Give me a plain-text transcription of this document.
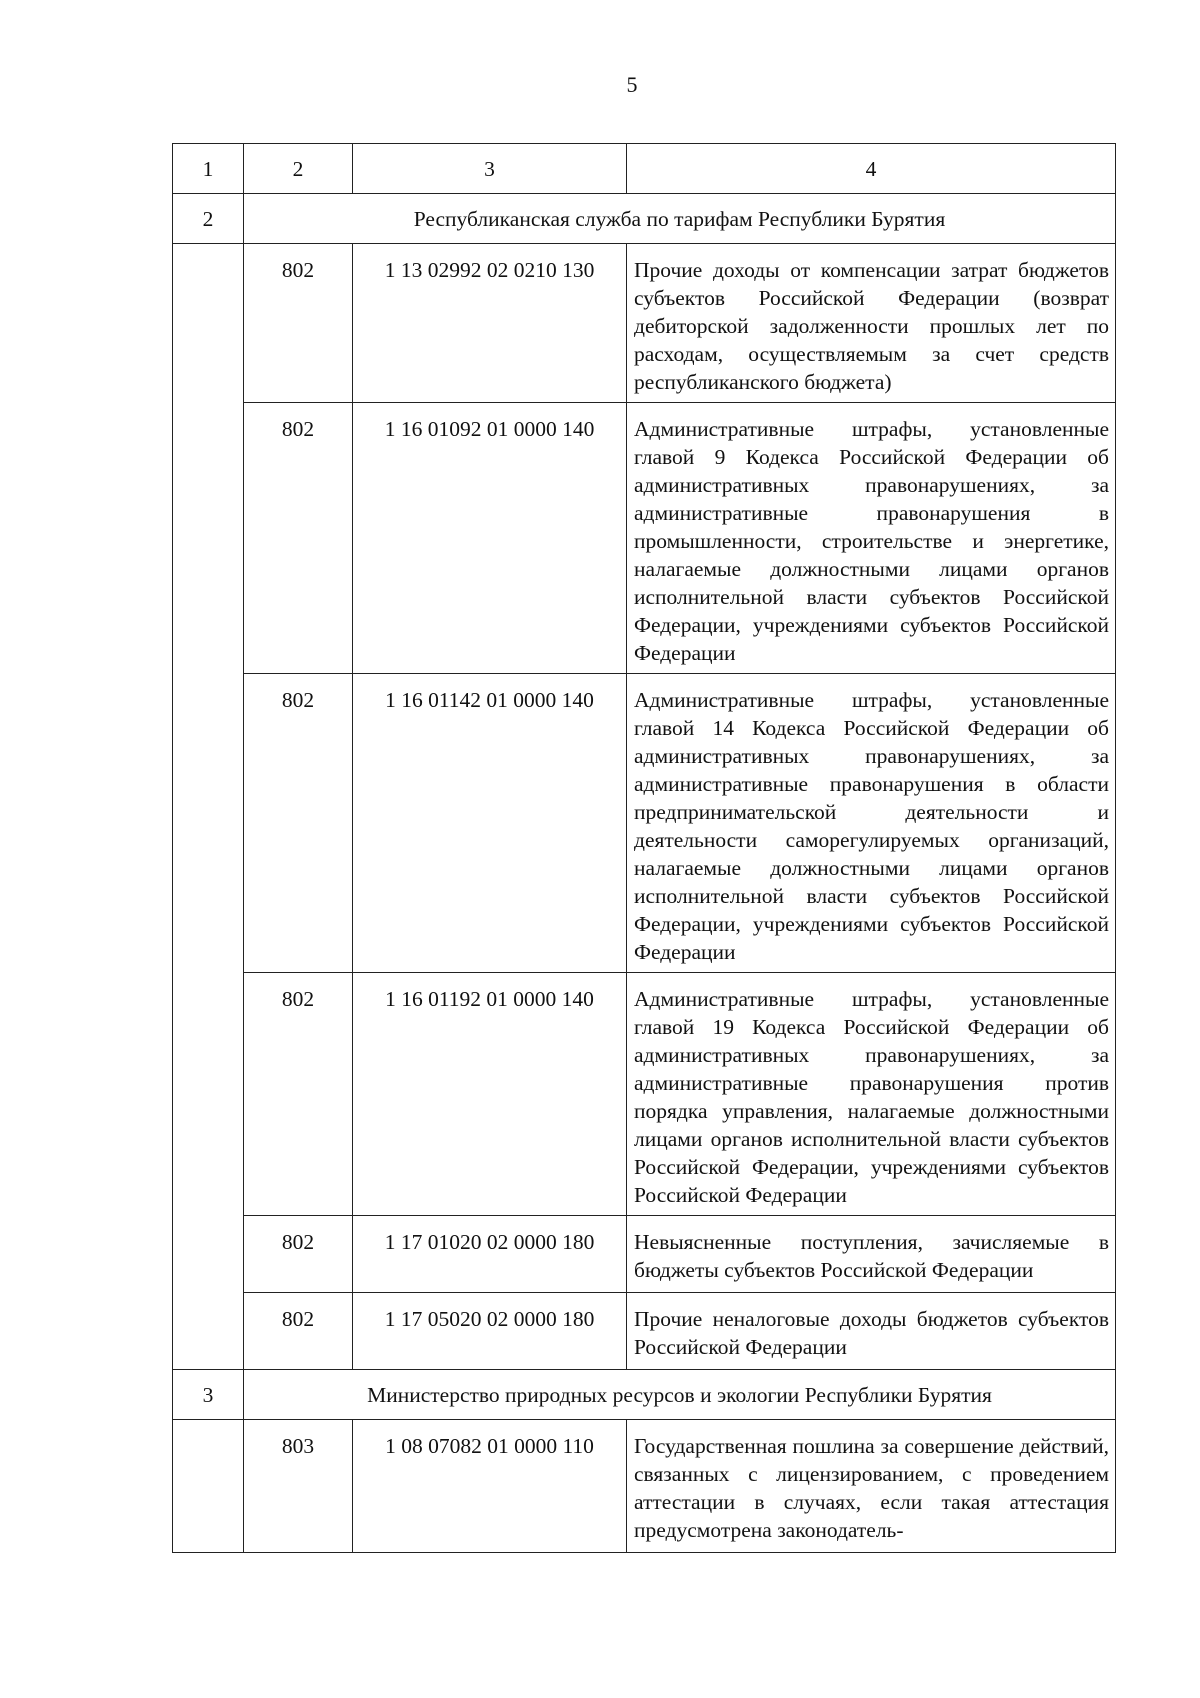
5
1	2	3	4
2	Республиканская служба по тарифам Республики Бурятия		
	802	1 13 02992 02 0210 130	Прочие доходы от компенсации затрат бюджетов субъектов Российской Федерации (возврат дебиторской задолженности прошлых лет по расходам, осуществляемым за счет средств республиканского бюджета)
	802	1 16 01092 01 0000 140	Административные штрафы, установленные главой 9 Кодекса Российской Федерации об административных правонарушениях, за административные правонарушения в промышленности, строительстве и энергетике, налагаемые должностными лицами органов исполнительной власти субъектов Российской Федерации, учреждениями субъектов Российской Федерации
	802	1 16 01142 01 0000 140	Административные штрафы, установленные главой 14 Кодекса Российской Федерации об административных правонарушениях, за административные правонарушения в области предпринимательской деятельности и деятельности саморегулируемых организаций, налагаемые должностными лицами органов исполнительной власти субъектов Российской Федерации, учреждениями субъектов Российской Федерации
	802	1 16 01192 01 0000 140	Административные штрафы, установленные главой 19 Кодекса Российской Федерации об административных правонарушениях, за административные правонарушения против порядка управления, налагаемые должностными лицами органов исполнительной власти субъектов Российской Федерации, учреждениями субъектов Российской Федерации
	802	1 17 01020 02 0000 180	Невыясненные поступления, зачисляемые в бюджеты субъектов Российской Федерации
	802	1 17 05020 02 0000 180	Прочие неналоговые доходы бюджетов субъектов Российской Федерации
3	Министерство природных ресурсов и экологии Республики Бурятия		
	803	1 08 07082 01 0000 110	Государственная пошлина за совершение действий, связанных с лицензированием, с проведением аттестации в случаях, если такая аттестация предусмотрена законодатель-
